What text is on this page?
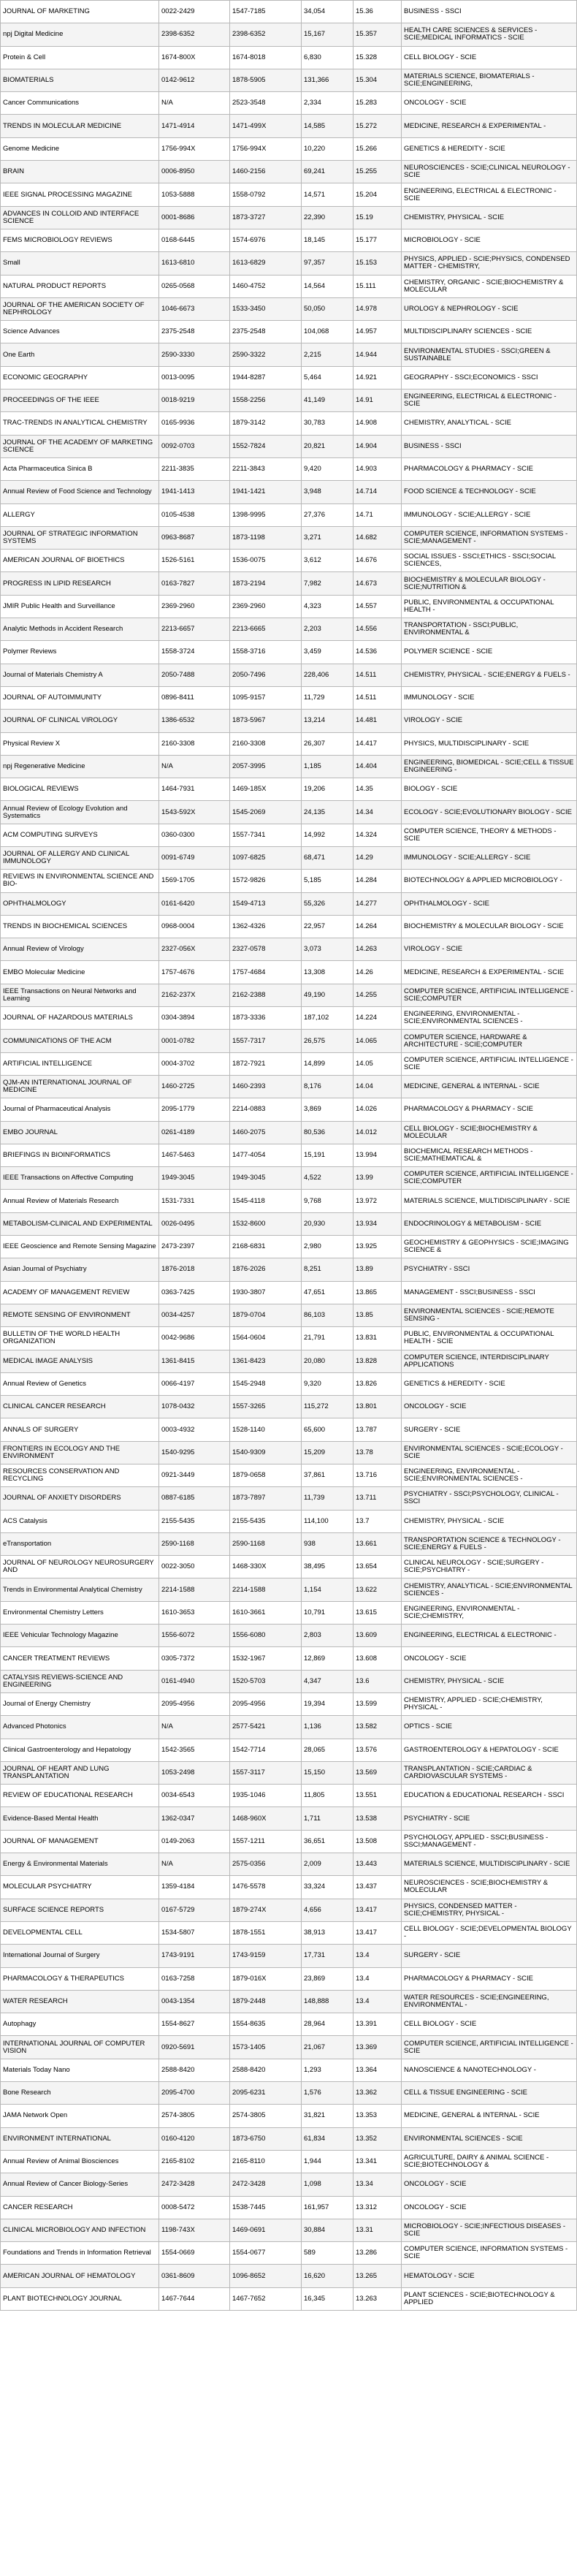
JOURNAL OF MARKETING	0022-2429	1547-7185	34,054	15.36	BUSINESS - SSCI
npj Digital Medicine	2398-6352	2398-6352	15,167	15.357	HEALTH CARE SCIENCES & SERVICES - SCIE;MEDICAL INFORMATICS - SCIE
Protein & Cell	1674-800X	1674-8018	6,830	15.328	CELL BIOLOGY - SCIE
BIOMATERIALS	0142-9612	1878-5905	131,366	15.304	MATERIALS SCIENCE, BIOMATERIALS - SCIE;ENGINEERING,
Cancer Communications	N/A	2523-3548	2,334	15.283	ONCOLOGY - SCIE
TRENDS IN MOLECULAR MEDICINE	1471-4914	1471-499X	14,585	15.272	MEDICINE, RESEARCH & EXPERIMENTAL -
Genome Medicine	1756-994X	1756-994X	10,220	15.266	GENETICS & HEREDITY - SCIE
BRAIN	0006-8950	1460-2156	69,241	15.255	NEUROSCIENCES - SCIE;CLINICAL NEUROLOGY - SCIE
IEEE SIGNAL PROCESSING MAGAZINE	1053-5888	1558-0792	14,571	15.204	ENGINEERING, ELECTRICAL & ELECTRONIC - SCIE
ADVANCES IN COLLOID AND INTERFACE SCIENCE	0001-8686	1873-3727	22,390	15.19	CHEMISTRY, PHYSICAL - SCIE
FEMS MICROBIOLOGY REVIEWS	0168-6445	1574-6976	18,145	15.177	MICROBIOLOGY - SCIE
Small	1613-6810	1613-6829	97,357	15.153	PHYSICS, APPLIED - SCIE;PHYSICS, CONDENSED MATTER - CHEMISTRY,
NATURAL PRODUCT REPORTS	0265-0568	1460-4752	14,564	15.111	CHEMISTRY, ORGANIC - SCIE;BIOCHEMISTRY & MOLECULAR
JOURNAL OF THE AMERICAN SOCIETY OF NEPHROLOGY	1046-6673	1533-3450	50,050	14.978	UROLOGY & NEPHROLOGY - SCIE
Science Advances	2375-2548	2375-2548	104,068	14.957	MULTIDISCIPLINARY SCIENCES - SCIE
One Earth	2590-3330	2590-3322	2,215	14.944	ENVIRONMENTAL STUDIES - SSCI;GREEN & SUSTAINABLE
ECONOMIC GEOGRAPHY	0013-0095	1944-8287	5,464	14.921	GEOGRAPHY - SSCI;ECONOMICS - SSCI
PROCEEDINGS OF THE IEEE	0018-9219	1558-2256	41,149	14.91	ENGINEERING, ELECTRICAL & ELECTRONIC - SCIE
TRAC-TRENDS IN ANALYTICAL CHEMISTRY	0165-9936	1879-3142	30,783	14.908	CHEMISTRY, ANALYTICAL - SCIE
JOURNAL OF THE ACADEMY OF MARKETING SCIENCE	0092-0703	1552-7824	20,821	14.904	BUSINESS - SSCI
Acta Pharmaceutica Sinica B	2211-3835	2211-3843	9,420	14.903	PHARMACOLOGY & PHARMACY - SCIE
Annual Review of Food Science and Technology	1941-1413	1941-1421	3,948	14.714	FOOD SCIENCE & TECHNOLOGY - SCIE
ALLERGY	0105-4538	1398-9995	27,376	14.71	IMMUNOLOGY - SCIE;ALLERGY - SCIE
JOURNAL OF STRATEGIC INFORMATION SYSTEMS	0963-8687	1873-1198	3,271	14.682	COMPUTER SCIENCE, INFORMATION SYSTEMS - SCIE;MANAGEMENT -
AMERICAN JOURNAL OF BIOETHICS	1526-5161	1536-0075	3,612	14.676	SOCIAL ISSUES - SSCI;ETHICS - SSCI;SOCIAL SCIENCES,
PROGRESS IN LIPID RESEARCH	0163-7827	1873-2194	7,982	14.673	BIOCHEMISTRY & MOLECULAR BIOLOGY - SCIE;NUTRITION &
JMIR Public Health and Surveillance	2369-2960	2369-2960	4,323	14.557	PUBLIC, ENVIRONMENTAL & OCCUPATIONAL HEALTH -
Analytic Methods in Accident Research	2213-6657	2213-6665	2,203	14.556	TRANSPORTATION - SSCI;PUBLIC, ENVIRONMENTAL &
Polymer Reviews	1558-3724	1558-3716	3,459	14.536	POLYMER SCIENCE - SCIE
Journal of Materials Chemistry A	2050-7488	2050-7496	228,406	14.511	CHEMISTRY, PHYSICAL - SCIE;ENERGY & FUELS -
JOURNAL OF AUTOIMMUNITY	0896-8411	1095-9157	11,729	14.511	IMMUNOLOGY - SCIE
JOURNAL OF CLINICAL VIROLOGY	1386-6532	1873-5967	13,214	14.481	VIROLOGY - SCIE
Physical Review X	2160-3308	2160-3308	26,307	14.417	PHYSICS, MULTIDISCIPLINARY - SCIE
npj Regenerative Medicine	N/A	2057-3995	1,185	14.404	ENGINEERING, BIOMEDICAL - SCIE;CELL & TISSUE ENGINEERING -
BIOLOGICAL REVIEWS	1464-7931	1469-185X	19,206	14.35	BIOLOGY - SCIE
Annual Review of Ecology Evolution and Systematics	1543-592X	1545-2069	24,135	14.34	ECOLOGY - SCIE;EVOLUTIONARY BIOLOGY - SCIE
ACM COMPUTING SURVEYS	0360-0300	1557-7341	14,992	14.324	COMPUTER SCIENCE, THEORY & METHODS - SCIE
JOURNAL OF ALLERGY AND CLINICAL IMMUNOLOGY	0091-6749	1097-6825	68,471	14.29	IMMUNOLOGY - SCIE;ALLERGY - SCIE
REVIEWS IN ENVIRONMENTAL SCIENCE AND BIO-	1569-1705	1572-9826	5,185	14.284	BIOTECHNOLOGY & APPLIED MICROBIOLOGY -
OPHTHALMOLOGY	0161-6420	1549-4713	55,326	14.277	OPHTHALMOLOGY - SCIE
TRENDS IN BIOCHEMICAL SCIENCES	0968-0004	1362-4326	22,957	14.264	BIOCHEMISTRY & MOLECULAR BIOLOGY - SCIE
Annual Review of Virology	2327-056X	2327-0578	3,073	14.263	VIROLOGY - SCIE
EMBO Molecular Medicine	1757-4676	1757-4684	13,308	14.26	MEDICINE, RESEARCH & EXPERIMENTAL - SCIE
IEEE Transactions on Neural Networks and Learning	2162-237X	2162-2388	49,190	14.255	COMPUTER SCIENCE, ARTIFICIAL INTELLIGENCE - SCIE;COMPUTER
JOURNAL OF HAZARDOUS MATERIALS	0304-3894	1873-3336	187,102	14.224	ENGINEERING, ENVIRONMENTAL - SCIE;ENVIRONMENTAL SCIENCES -
COMMUNICATIONS OF THE ACM	0001-0782	1557-7317	26,575	14.065	COMPUTER SCIENCE, HARDWARE & ARCHITECTURE - SCIE;COMPUTER
ARTIFICIAL INTELLIGENCE	0004-3702	1872-7921	14,899	14.05	COMPUTER SCIENCE, ARTIFICIAL INTELLIGENCE - SCIE
QJM-AN INTERNATIONAL JOURNAL OF MEDICINE	1460-2725	1460-2393	8,176	14.04	MEDICINE, GENERAL & INTERNAL - SCIE
Journal of Pharmaceutical Analysis	2095-1779	2214-0883	3,869	14.026	PHARMACOLOGY & PHARMACY - SCIE
EMBO JOURNAL	0261-4189	1460-2075	80,536	14.012	CELL BIOLOGY - SCIE;BIOCHEMISTRY & MOLECULAR
BRIEFINGS IN BIOINFORMATICS	1467-5463	1477-4054	15,191	13.994	BIOCHEMICAL RESEARCH METHODS - SCIE;MATHEMATICAL &
IEEE Transactions on Affective Computing	1949-3045	1949-3045	4,522	13.99	COMPUTER SCIENCE, ARTIFICIAL INTELLIGENCE - SCIE;COMPUTER
Annual Review of Materials Research	1531-7331	1545-4118	9,768	13.972	MATERIALS SCIENCE, MULTIDISCIPLINARY - SCIE
METABOLISM-CLINICAL AND EXPERIMENTAL	0026-0495	1532-8600	20,930	13.934	ENDOCRINOLOGY & METABOLISM - SCIE
IEEE Geoscience and Remote Sensing Magazine	2473-2397	2168-6831	2,980	13.925	GEOCHEMISTRY & GEOPHYSICS - SCIE;IMAGING SCIENCE &
Asian Journal of Psychiatry	1876-2018	1876-2026	8,251	13.89	PSYCHIATRY - SSCI
ACADEMY OF MANAGEMENT REVIEW	0363-7425	1930-3807	47,651	13.865	MANAGEMENT - SSCI;BUSINESS - SSCI
REMOTE SENSING OF ENVIRONMENT	0034-4257	1879-0704	86,103	13.85	ENVIRONMENTAL SCIENCES - SCIE;REMOTE SENSING -
BULLETIN OF THE WORLD HEALTH ORGANIZATION	0042-9686	1564-0604	21,791	13.831	PUBLIC, ENVIRONMENTAL & OCCUPATIONAL HEALTH - SCIE
MEDICAL IMAGE ANALYSIS	1361-8415	1361-8423	20,080	13.828	COMPUTER SCIENCE, INTERDISCIPLINARY APPLICATIONS
Annual Review of Genetics	0066-4197	1545-2948	9,320	13.826	GENETICS & HEREDITY - SCIE
CLINICAL CANCER RESEARCH	1078-0432	1557-3265	115,272	13.801	ONCOLOGY - SCIE
ANNALS OF SURGERY	0003-4932	1528-1140	65,600	13.787	SURGERY - SCIE
FRONTIERS IN ECOLOGY AND THE ENVIRONMENT	1540-9295	1540-9309	15,209	13.78	ENVIRONMENTAL SCIENCES - SCIE;ECOLOGY - SCIE
RESOURCES CONSERVATION AND RECYCLING	0921-3449	1879-0658	37,861	13.716	ENGINEERING, ENVIRONMENTAL - SCIE;ENVIRONMENTAL SCIENCES -
JOURNAL OF ANXIETY DISORDERS	0887-6185	1873-7897	11,739	13.711	PSYCHIATRY - SSCI;PSYCHOLOGY, CLINICAL - SSCI
ACS Catalysis	2155-5435	2155-5435	114,100	13.7	CHEMISTRY, PHYSICAL - SCIE
eTransportation	2590-1168	2590-1168	938	13.661	TRANSPORTATION SCIENCE & TECHNOLOGY - SCIE;ENERGY & FUELS -
JOURNAL OF NEUROLOGY NEUROSURGERY AND	0022-3050	1468-330X	38,495	13.654	CLINICAL NEUROLOGY - SCIE;SURGERY - SCIE;PSYCHIATRY -
Trends in Environmental Analytical Chemistry	2214-1588	2214-1588	1,154	13.622	CHEMISTRY, ANALYTICAL - SCIE;ENVIRONMENTAL SCIENCES -
Environmental Chemistry Letters	1610-3653	1610-3661	10,791	13.615	ENGINEERING, ENVIRONMENTAL - SCIE;CHEMISTRY,
IEEE Vehicular Technology Magazine	1556-6072	1556-6080	2,803	13.609	ENGINEERING, ELECTRICAL & ELECTRONIC -
CANCER TREATMENT REVIEWS	0305-7372	1532-1967	12,869	13.608	ONCOLOGY - SCIE
CATALYSIS REVIEWS-SCIENCE AND ENGINEERING	0161-4940	1520-5703	4,347	13.6	CHEMISTRY, PHYSICAL - SCIE
Journal of Energy Chemistry	2095-4956	2095-4956	19,394	13.599	CHEMISTRY, APPLIED - SCIE;CHEMISTRY, PHYSICAL -
Advanced Photonics	N/A	2577-5421	1,136	13.582	OPTICS - SCIE
Clinical Gastroenterology and Hepatology	1542-3565	1542-7714	28,065	13.576	GASTROENTEROLOGY & HEPATOLOGY - SCIE
JOURNAL OF HEART AND LUNG TRANSPLANTATION	1053-2498	1557-3117	15,150	13.569	TRANSPLANTATION - SCIE;CARDIAC & CARDIOVASCULAR SYSTEMS -
REVIEW OF EDUCATIONAL RESEARCH	0034-6543	1935-1046	11,805	13.551	EDUCATION & EDUCATIONAL RESEARCH - SSCI
Evidence-Based Mental Health	1362-0347	1468-960X	1,711	13.538	PSYCHIATRY - SCIE
JOURNAL OF MANAGEMENT	0149-2063	1557-1211	36,651	13.508	PSYCHOLOGY, APPLIED - SSCI;BUSINESS - SSCI;MANAGEMENT -
Energy & Environmental Materials	N/A	2575-0356	2,009	13.443	MATERIALS SCIENCE, MULTIDISCIPLINARY - SCIE
MOLECULAR PSYCHIATRY	1359-4184	1476-5578	33,324	13.437	NEUROSCIENCES - SCIE;BIOCHEMISTRY & MOLECULAR
SURFACE SCIENCE REPORTS	0167-5729	1879-274X	4,656	13.417	PHYSICS, CONDENSED MATTER - SCIE;CHEMISTRY, PHYSICAL -
DEVELOPMENTAL CELL	1534-5807	1878-1551	38,913	13.417	CELL BIOLOGY - SCIE;DEVELOPMENTAL BIOLOGY -
International Journal of Surgery	1743-9191	1743-9159	17,731	13.4	SURGERY - SCIE
PHARMACOLOGY & THERAPEUTICS	0163-7258	1879-016X	23,869	13.4	PHARMACOLOGY & PHARMACY - SCIE
WATER RESEARCH	0043-1354	1879-2448	148,888	13.4	WATER RESOURCES - SCIE;ENGINEERING, ENVIRONMENTAL -
Autophagy	1554-8627	1554-8635	28,964	13.391	CELL BIOLOGY - SCIE
INTERNATIONAL JOURNAL OF COMPUTER VISION	0920-5691	1573-1405	21,067	13.369	COMPUTER SCIENCE, ARTIFICIAL INTELLIGENCE - SCIE
Materials Today Nano	2588-8420	2588-8420	1,293	13.364	NANOSCIENCE & NANOTECHNOLOGY -
Bone Research	2095-4700	2095-6231	1,576	13.362	CELL & TISSUE ENGINEERING - SCIE
JAMA Network Open	2574-3805	2574-3805	31,821	13.353	MEDICINE, GENERAL & INTERNAL - SCIE
ENVIRONMENT INTERNATIONAL	0160-4120	1873-6750	61,834	13.352	ENVIRONMENTAL SCIENCES - SCIE
Annual Review of Animal Biosciences	2165-8102	2165-8110	1,944	13.341	AGRICULTURE, DAIRY & ANIMAL SCIENCE - SCIE;BIOTECHNOLOGY &
Annual Review of Cancer Biology-Series	2472-3428	2472-3428	1,098	13.34	ONCOLOGY - SCIE
CANCER RESEARCH	0008-5472	1538-7445	161,957	13.312	ONCOLOGY - SCIE
CLINICAL MICROBIOLOGY AND INFECTION	1198-743X	1469-0691	30,884	13.31	MICROBIOLOGY - SCIE;INFECTIOUS DISEASES - SCIE
Foundations and Trends in Information Retrieval	1554-0669	1554-0677	589	13.286	COMPUTER SCIENCE, INFORMATION SYSTEMS - SCIE
AMERICAN JOURNAL OF HEMATOLOGY	0361-8609	1096-8652	16,620	13.265	HEMATOLOGY - SCIE
PLANT BIOTECHNOLOGY JOURNAL	1467-7644	1467-7652	16,345	13.263	PLANT SCIENCES - SCIE;BIOTECHNOLOGY & APPLIED
